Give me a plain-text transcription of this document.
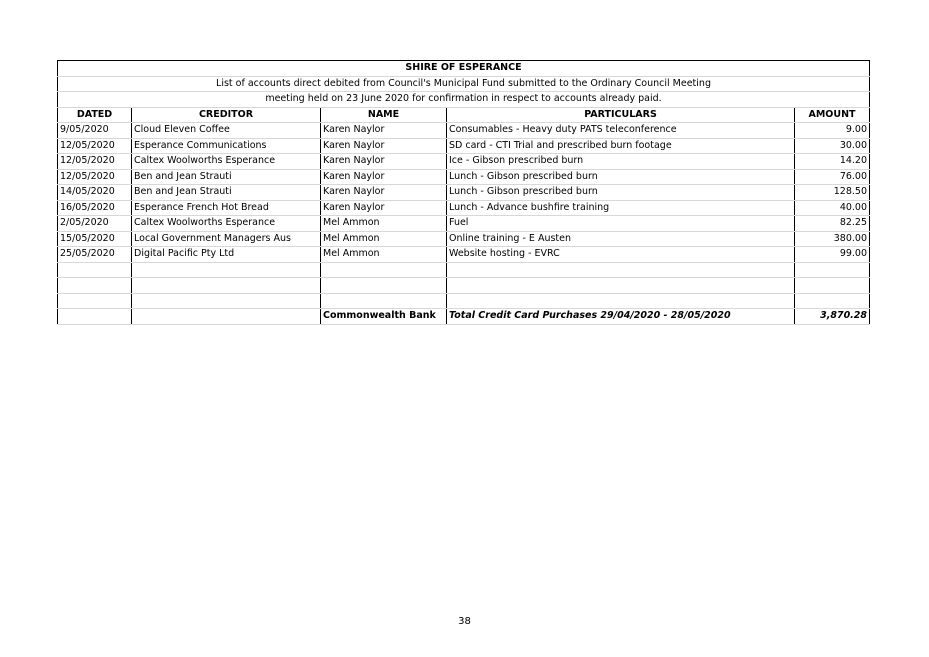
SHIRE OF ESPERANCE				
List of accounts direct debited from Council's Municipal Fund submitted to the Ordinary Council Meeting				
meeting held on 23 June 2020 for confirmation in respect to accounts already paid.				
DATED	CREDITOR	NAME	PARTICULARS	AMOUNT
9/05/2020	Cloud Eleven Coffee	Karen Naylor	Consumables - Heavy duty PATS teleconference	9.00
12/05/2020	Esperance Communications	Karen Naylor	SD card - CTI Trial and prescribed burn footage	30.00
12/05/2020	Caltex Woolworths Esperance	Karen Naylor	Ice - Gibson prescribed burn	14.20
12/05/2020	Ben and Jean Strauti	Karen Naylor	Lunch - Gibson prescribed burn	76.00
14/05/2020	Ben and Jean Strauti	Karen Naylor	Lunch - Gibson prescribed burn	128.50
16/05/2020	Esperance French Hot Bread	Karen Naylor	Lunch - Advance bushfire training	40.00
2/05/2020	Caltex Woolworths Esperance	Mel Ammon	Fuel	82.25
15/05/2020	Local Government Managers Aus	Mel Ammon	Online training - E Austen	380.00
25/05/2020	Digital Pacific Pty Ltd	Mel Ammon	Website hosting - EVRC	99.00

		Commonwealth Bank	Total Credit Card Purchases 29/04/2020 - 28/05/2020	3,870.28
38
